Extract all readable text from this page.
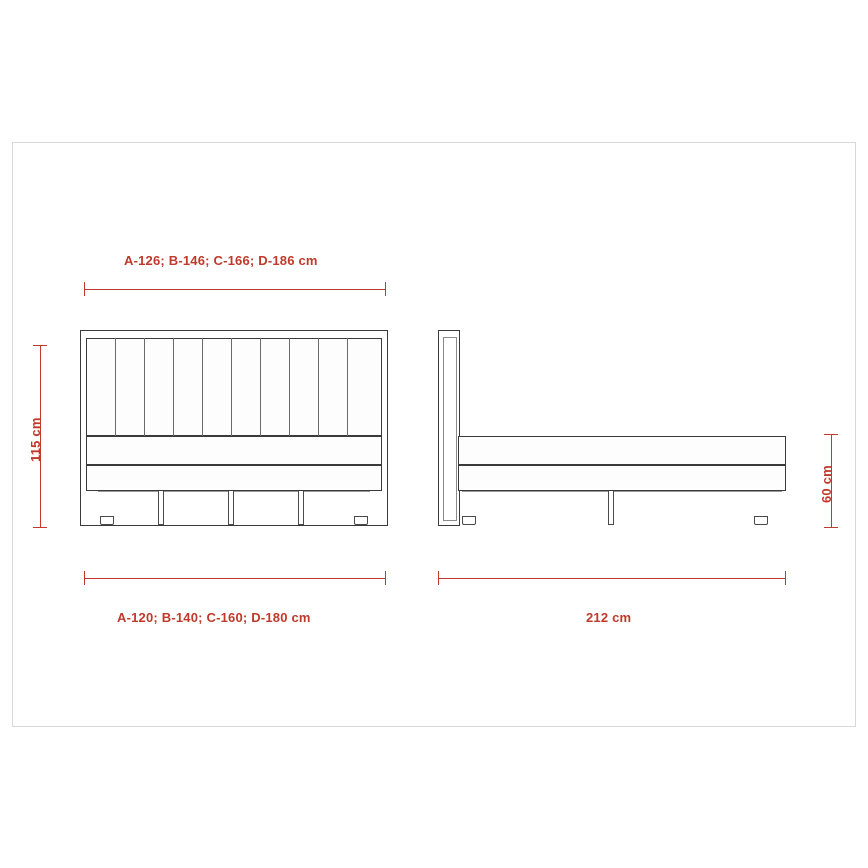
A-126; B-146; C-166; D-186 cm
115 cm
60 cm
A-120; B-140; C-160; D-180 cm	212 cm
